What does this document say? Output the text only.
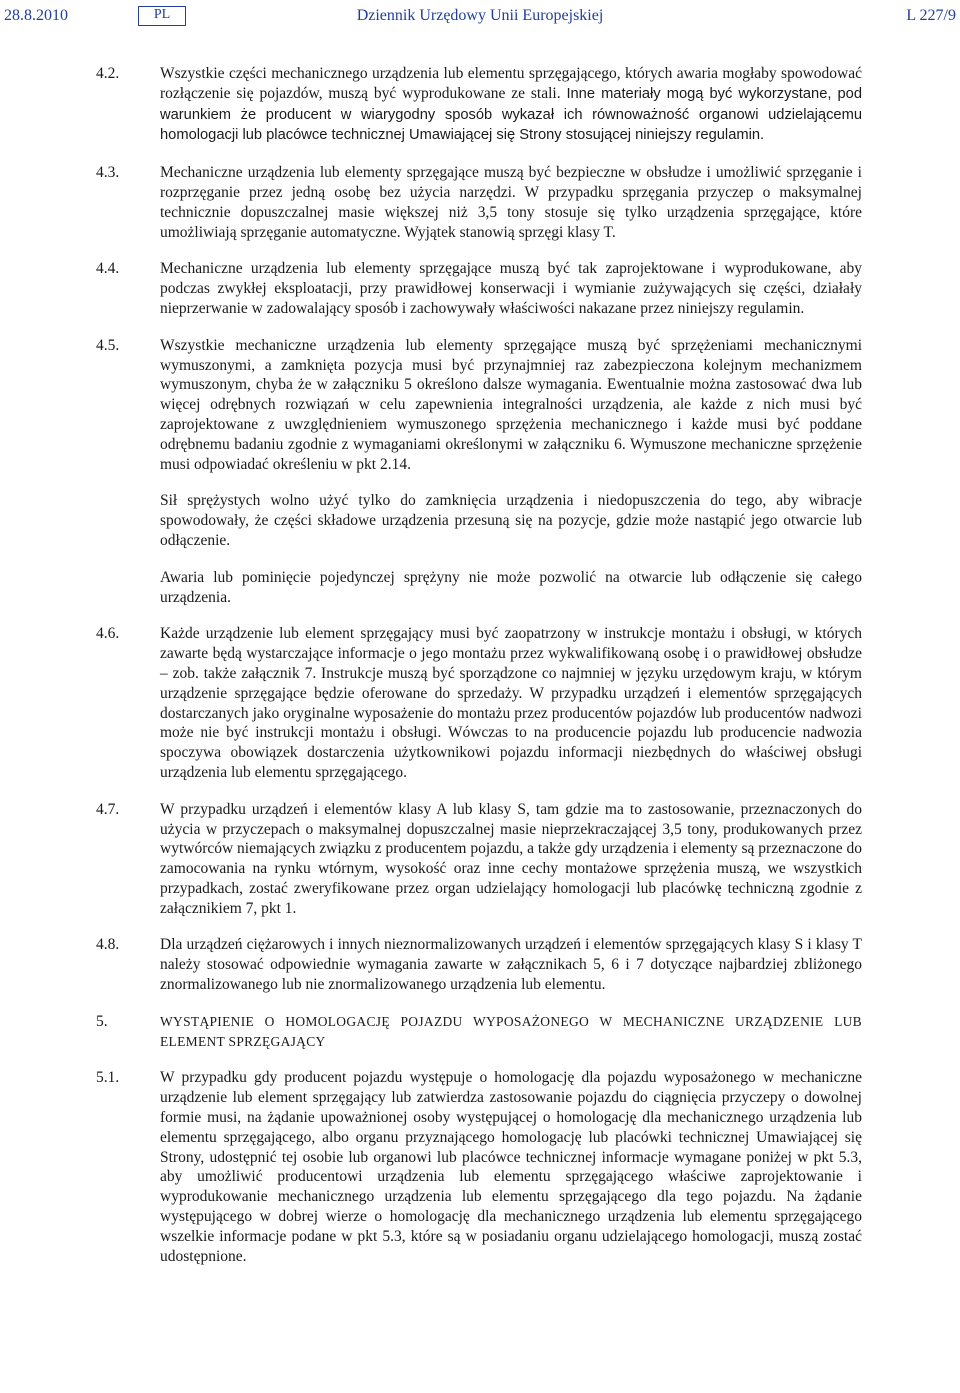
28.8.2010	PL	Dziennik Urzędowy Unii Europejskiej	L 227/9
4.2.	Wszystkie części mechanicznego urządzenia lub elementu sprzęgającego, których awaria mogłaby spowodować rozłączenie się pojazdów, muszą być wyprodukowane ze stali. Inne materiały mogą być wykorzystane, pod warunkiem że producent w wiarygodny sposób wykazał ich równoważność organowi udzielającemu homologacji lub placówce technicznej Umawiającej się Strony stosującej niniejszy regulamin.

4.3.	Mechaniczne urządzenia lub elementy sprzęgające muszą być bezpieczne w obsłudze i umożliwić sprzęganie i rozprzęganie przez jedną osobę bez użycia narzędzi. W przypadku sprzęgania przyczep o maksymalnej technicznie dopuszczalnej masie większej niż 3,5 tony stosuje się tylko urządzenia sprzęgające, które umożliwiają sprzęganie automatyczne. Wyjątek stanowią sprzęgi klasy T.
4.4.	Mechaniczne urządzenia lub elementy sprzęgające muszą być tak zaprojektowane i wyprodukowane, aby podczas zwykłej eksploatacji, przy prawidłowej konserwacji i wymianie zużywających się części, działały nieprzerwanie w zadowalający sposób i zachowywały właściwości nakazane przez niniejszy regulamin.
4.5.	Wszystkie mechaniczne urządzenia lub elementy sprzęgające muszą być sprzężeniami mechanicznymi wymuszonymi, a zamknięta pozycja musi być przynajmniej raz zabezpieczona kolejnym mechanizmem wymuszonym, chyba że w załączniku 5 określono dalsze wymagania. Ewentualnie można zastosować dwa lub więcej odrębnych rozwiązań w celu zapewnienia integralności urządzenia, ale każde z nich musi być zaprojektowane z uwzględnieniem wymuszonego sprzężenia mechanicznego i każde musi być poddane odrębnemu badaniu zgodnie z wymaganiami określonymi w załączniku 6. Wymuszone mechaniczne sprzężenie musi odpowiadać określeniu w pkt 2.14.

Sił sprężystych wolno użyć tylko do zamknięcia urządzenia i niedopuszczenia do tego, aby wibracje spowodowały, że części składowe urządzenia przesuną się na pozycje, gdzie może nastąpić jego otwarcie lub odłączenie.

Awaria lub pominięcie pojedynczej sprężyny nie może pozwolić na otwarcie lub odłączenie się całego urządzenia.

4.6.	Każde urządzenie lub element sprzęgający musi być zaopatrzony w instrukcje montażu i obsługi, w których zawarte będą wystarczające informacje o jego montażu przez wykwalifikowaną osobę i o prawidłowej obsłudze – zob. także załącznik 7. Instrukcje muszą być sporządzone co najmniej w języku urzędowym kraju, w którym urządzenie sprzęgające będzie oferowane do sprzedaży. W przypadku urządzeń i elementów sprzęgających dostarczanych jako oryginalne wyposażenie do montażu przez producentów pojazdów lub producentów nadwozi może nie być instrukcji montażu i obsługi. Wówczas to na producencie pojazdu lub producencie nadwozia spoczywa obowiązek dostarczenia użytkownikowi pojazdu informacji niezbędnych do właściwej obsługi urządzenia lub elementu sprzęgającego.
4.7.	W przypadku urządzeń i elementów klasy A lub klasy S, tam gdzie ma to zastosowanie, przeznaczonych do użycia w przyczepach o maksymalnej dopuszczalnej masie nieprzekraczającej 3,5 tony, produkowanych przez wytwórców niemających związku z producentem pojazdu, a także gdy urządzenia i elementy są przeznaczone do zamocowania na rynku wtórnym, wysokość oraz inne cechy montażowe sprzężenia muszą, we wszystkich przypadkach, zostać zweryfikowane przez organ udzielający homologacji lub placówkę techniczną zgodnie z załącznikiem 7, pkt 1.
4.8.	Dla urządzeń ciężarowych i innych nieznormalizowanych urządzeń i elementów sprzęgających klasy S i klasy T należy stosować odpowiednie wymagania zawarte w załącznikach 5, 6 i 7 dotyczące najbardziej zbliżonego znormalizowanego lub nie znormalizowanego urządzenia lub elementu.
5.	WYSTĄPIENIE O HOMOLOGACJĘ POJAZDU WYPOSAŻONEGO W MECHANICZNE URZĄDZENIE LUB ELEMENT SPRZĘGAJĄCY
5.1.	W przypadku gdy producent pojazdu występuje o homologację dla pojazdu wyposażonego w mechaniczne urządzenie lub element sprzęgający lub zatwierdza zastosowanie pojazdu do ciągnięcia przyczepy o dowolnej formie musi, na żądanie upoważnionej osoby występującej o homologację dla mechanicznego urządzenia lub elementu sprzęgającego, albo organu przyznającego homologację lub placówki technicznej Umawiającej się Strony, udostępnić tej osobie lub organowi lub placówce technicznej informacje wymagane poniżej w pkt 5.3, aby umożliwić producentowi urządzenia lub elementu sprzęgającego właściwe zaprojektowanie i wyprodukowanie mechanicznego urządzenia lub elementu sprzęgającego dla tego pojazdu. Na żądanie występującego w dobrej wierze o homologację dla mechanicznego urządzenia lub elementu sprzęgającego wszelkie informacje podane w pkt 5.3, które są w posiadaniu organu udzielającego homologacji, muszą zostać udostępnione.
